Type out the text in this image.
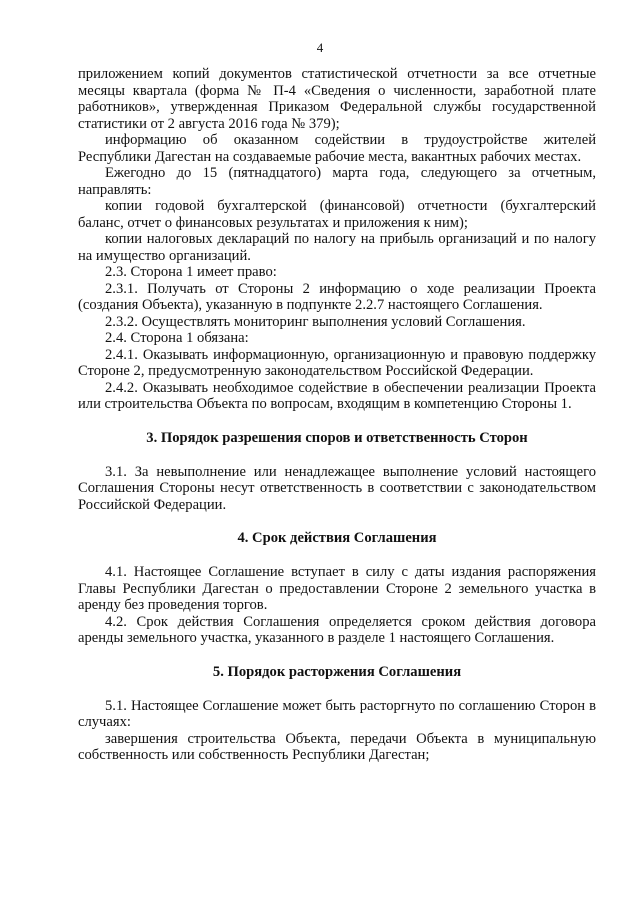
4

приложением копий документов статистической отчетности за все отчетные месяцы квартала (форма № П-4 «Сведения о численности, заработной плате работников», утвержденная Приказом Федеральной службы государственной статистики от 2 августа 2016 года № 379);

информацию об оказанном содействии в трудоустройстве жителей Республики Дагестан на создаваемые рабочие места, вакантных рабочих местах.

Ежегодно до 15 (пятнадцатого) марта года, следующего за отчетным, направлять:

копии годовой бухгалтерской (финансовой) отчетности (бухгалтерский баланс, отчет о финансовых результатах и приложения к ним);

копии налоговых деклараций по налогу на прибыль организаций и по налогу на имущество организаций.

2.3. Сторона 1 имеет право:

2.3.1. Получать от Стороны 2 информацию о ходе реализации Проекта (создания Объекта), указанную в подпункте 2.2.7 настоящего Соглашения.

2.3.2. Осуществлять мониторинг выполнения условий Соглашения.

2.4. Сторона 1 обязана:

2.4.1. Оказывать информационную, организационную и правовую поддержку Стороне 2, предусмотренную законодательством Российской Федерации.

2.4.2. Оказывать необходимое содействие в обеспечении реализации Проекта или строительства Объекта по вопросам, входящим в компетенцию Стороны 1.

3. Порядок разрешения споров и ответственность Сторон

3.1. За невыполнение или ненадлежащее выполнение условий настоящего Соглашения Стороны несут ответственность в соответствии с законодательством Российской Федерации.

4. Срок действия Соглашения

4.1. Настоящее Соглашение вступает в силу с даты издания распоряжения Главы Республики Дагестан о предоставлении Стороне 2 земельного участка в аренду без проведения торгов.

4.2. Срок действия Соглашения определяется сроком действия договора аренды земельного участка, указанного в разделе 1 настоящего Соглашения.

5. Порядок расторжения Соглашения

5.1. Настоящее Соглашение может быть расторгнуто по соглашению Сторон в случаях:

завершения строительства Объекта, передачи Объекта в муниципальную собственность или собственность Республики Дагестан;
